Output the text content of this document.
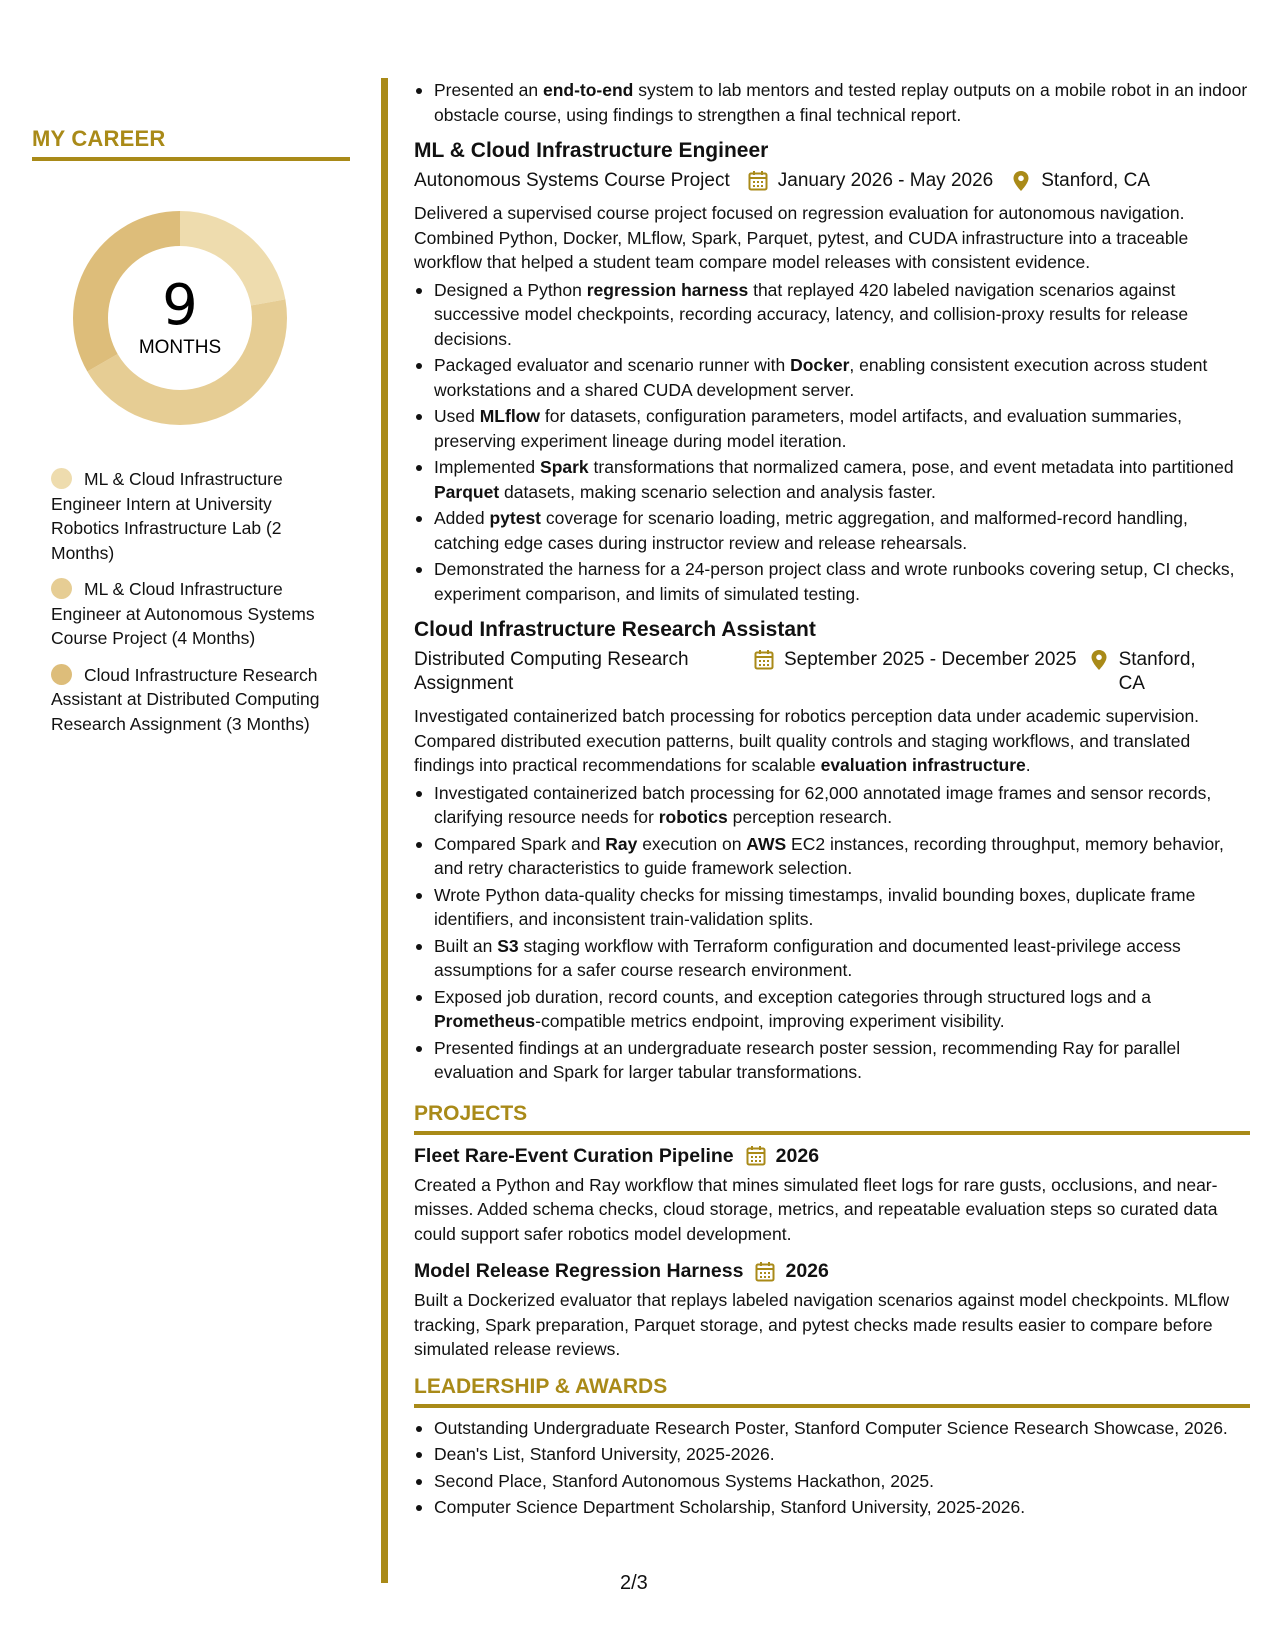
MY CAREER
9
MONTHS
ML & Cloud Infrastructure Engineer Intern at University Robotics Infrastructure Lab (2 Months)
ML & Cloud Infrastructure Engineer at Autonomous Systems Course Project (4 Months)
Cloud Infrastructure Research Assistant at Distributed Computing Research Assignment (3 Months)
Presented an end-to-end system to lab mentors and tested replay outputs on a mobile robot in an indoor obstacle course, using findings to strengthen a final technical report.
ML & Cloud Infrastructure Engineer
Autonomous Systems Course Project	January 2026 - May 2026	Stanford, CA
Delivered a supervised course project focused on regression evaluation for autonomous navigation. Combined Python, Docker, MLflow, Spark, Parquet, pytest, and CUDA infrastructure into a traceable workflow that helped a student team compare model releases with consistent evidence.
Designed a Python regression harness that replayed 420 labeled navigation scenarios against successive model checkpoints, recording accuracy, latency, and collision-proxy results for release decisions.
Packaged evaluator and scenario runner with Docker, enabling consistent execution across student workstations and a shared CUDA development server.
Used MLflow for datasets, configuration parameters, model artifacts, and evaluation summaries, preserving experiment lineage during model iteration.
Implemented Spark transformations that normalized camera, pose, and event metadata into partitioned Parquet datasets, making scenario selection and analysis faster.
Added pytest coverage for scenario loading, metric aggregation, and malformed-record handling, catching edge cases during instructor review and release rehearsals.
Demonstrated the harness for a 24-person project class and wrote runbooks covering setup, CI checks, experiment comparison, and limits of simulated testing.
Cloud Infrastructure Research Assistant
Distributed Computing Research Assignment
September 2025 - December 2025 Stanford, CA
Investigated containerized batch processing for robotics perception data under academic supervision. Compared distributed execution patterns, built quality controls and staging workflows, and translated findings into practical recommendations for scalable evaluation infrastructure.
Investigated containerized batch processing for 62,000 annotated image frames and sensor records, clarifying resource needs for robotics perception research.
Compared Spark and Ray execution on AWS EC2 instances, recording throughput, memory behavior, and retry characteristics to guide framework selection.
Wrote Python data-quality checks for missing timestamps, invalid bounding boxes, duplicate frame identifiers, and inconsistent train-validation splits.
Built an S3 staging workflow with Terraform configuration and documented least-privilege access assumptions for a safer course research environment.
Exposed job duration, record counts, and exception categories through structured logs and a Prometheus-compatible metrics endpoint, improving experiment visibility.
Presented findings at an undergraduate research poster session, recommending Ray for parallel evaluation and Spark for larger tabular transformations.
PROJECTS
Fleet Rare-Event Curation Pipeline 2026
Created a Python and Ray workflow that mines simulated fleet logs for rare gusts, occlusions, and near-misses. Added schema checks, cloud storage, metrics, and repeatable evaluation steps so curated data could support safer robotics model development.
Model Release Regression Harness 2026
Built a Dockerized evaluator that replays labeled navigation scenarios against model checkpoints. MLflow tracking, Spark preparation, Parquet storage, and pytest checks made results easier to compare before simulated release reviews.
LEADERSHIP & AWARDS
Outstanding Undergraduate Research Poster, Stanford Computer Science Research Showcase, 2026.
Dean's List, Stanford University, 2025-2026.
Second Place, Stanford Autonomous Systems Hackathon, 2025.
Computer Science Department Scholarship, Stanford University, 2025-2026.
2/3
